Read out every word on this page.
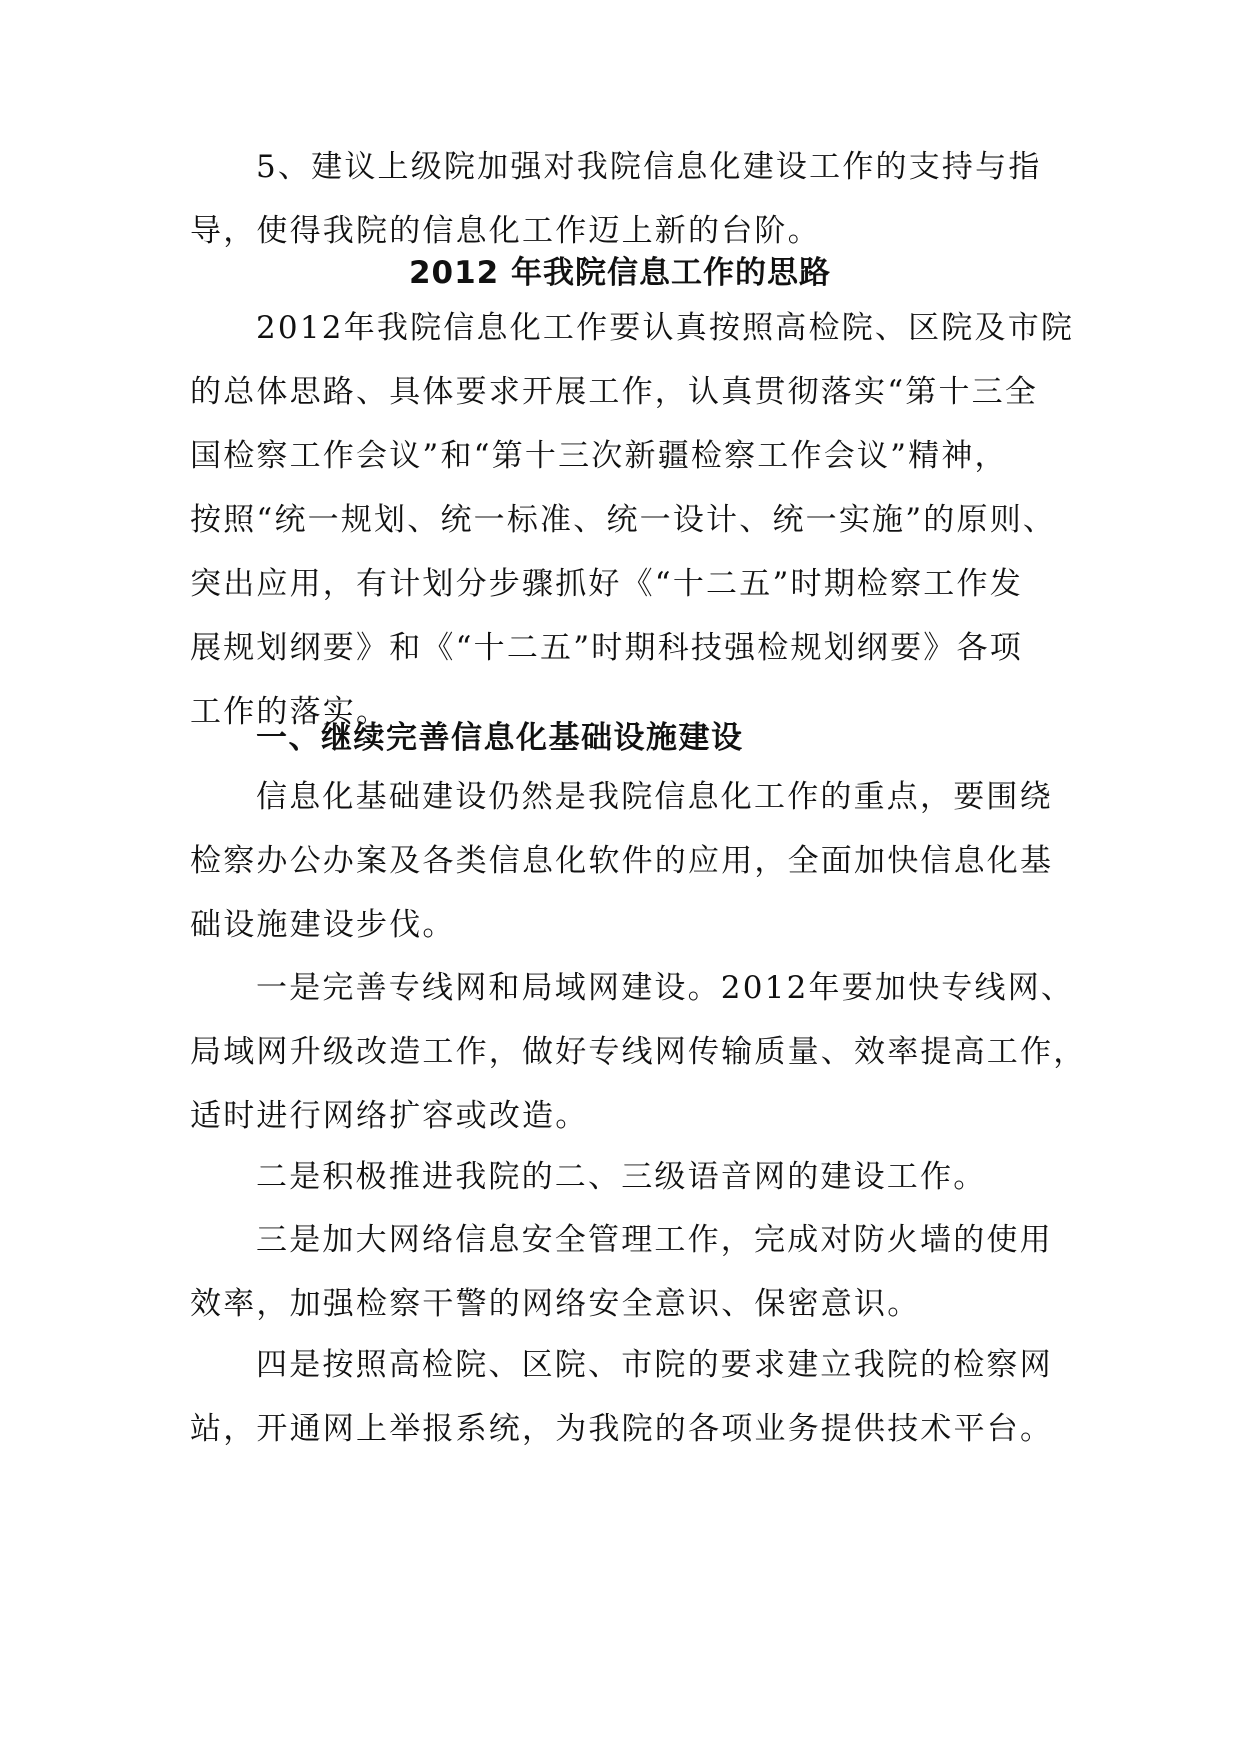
5、建议上级院加强对我院信息化建设工作的支持与指
导，使得我院的信息化工作迈上新的台阶。
2012 年我院信息工作的思路
2012年我院信息化工作要认真按照高检院、区院及市院
的总体思路、具体要求开展工作，认真贯彻落实“第十三全
国检察工作会议”和“第十三次新疆检察工作会议”精神，
按照“统一规划、统一标准、统一设计、统一实施”的原则、
突出应用，有计划分步骤抓好《“十二五”时期检察工作发
展规划纲要》和《“十二五”时期科技强检规划纲要》各项
工作的落实。
一、继续完善信息化基础设施建设
信息化基础建设仍然是我院信息化工作的重点，要围绕
检察办公办案及各类信息化软件的应用，全面加快信息化基
础设施建设步伐。
一是完善专线网和局域网建设。2012年要加快专线网、
局域网升级改造工作，做好专线网传输质量、效率提高工作，
适时进行网络扩容或改造。
二是积极推进我院的二、三级语音网的建设工作。
三是加大网络信息安全管理工作，完成对防火墙的使用
效率，加强检察干警的网络安全意识、保密意识。
四是按照高检院、区院、市院的要求建立我院的检察网
站，开通网上举报系统，为我院的各项业务提供技术平台。
